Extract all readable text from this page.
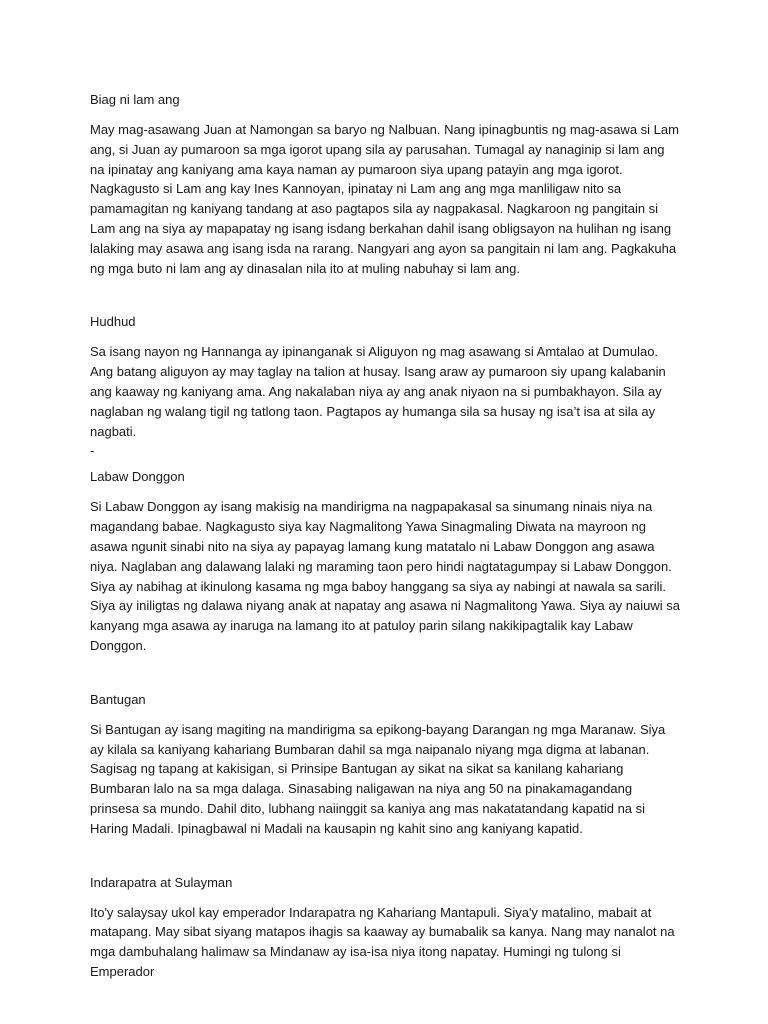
Biag ni lam ang

May mag-asawang Juan at Namongan sa baryo ng Nalbuan. Nang ipinagbuntis ng mag-asawa si Lam ang, si Juan ay pumaroon sa mga igorot upang sila ay parusahan. Tumagal ay nanaginip si lam ang na ipinatay ang kaniyang ama kaya naman ay pumaroon siya upang patayin ang mga igorot. Nagkagusto si Lam ang kay Ines Kannoyan, ipinatay ni Lam ang ang mga manliligaw nito sa pamamagitan ng kaniyang tandang at aso pagtapos sila ay nagpakasal. Nagkaroon ng pangitain si Lam ang na siya ay mapapatay ng isang isdang berkahan dahil isang obligsayon na hulihan ng isang lalaking may asawa ang isang isda na rarang. Nangyari ang ayon sa pangitain ni lam ang. Pagkakuha ng mga buto ni lam ang ay dinasalan nila ito at muling nabuhay si lam ang.

Hudhud

Sa isang nayon ng Hannanga ay ipinanganak si Aliguyon ng mag asawang si Amtalao at Dumulao. Ang batang aliguyon ay may taglay na talion at husay. Isang araw ay pumaroon siy upang kalabanin ang kaaway ng kaniyang ama. Ang nakalaban niya ay ang anak niyaon na si pumbakhayon. Sila ay naglaban ng walang tigil ng tatlong taon. Pagtapos ay humanga sila sa husay ng isa’t isa at sila ay nagbati.

-
Labaw Donggon

Si Labaw Donggon ay isang makisig na mandirigma na nagpapakasal sa sinumang ninais niya na magandang babae. Nagkagusto siya kay Nagmalitong Yawa Sinagmaling Diwata na mayroon ng asawa ngunit sinabi nito na siya ay papayag lamang kung matatalo ni Labaw Donggon ang asawa niya. Naglaban ang dalawang lalaki ng maraming taon pero hindi nagtatagumpay si Labaw Donggon. Siya ay nabihag at ikinulong kasama ng mga baboy hanggang sa siya ay nabingi at nawala sa sarili. Siya ay iniligtas ng dalawa niyang anak at napatay ang asawa ni Nagmalitong Yawa. Siya ay naiuwi sa kanyang mga asawa ay inaruga na lamang ito at patuloy parin silang nakikipagtalik kay Labaw Donggon.

Bantugan

Si Bantugan ay isang magiting na mandirigma sa epikong-bayang Darangan ng mga Maranaw. Siya ay kilala sa kaniyang kahariang Bumbaran dahil sa mga naipanalo niyang mga digma at labanan. Sagisag ng tapang at kakisigan, si Prinsipe Bantugan ay sikat na sikat sa kanilang kahariang Bumbaran lalo na sa mga dalaga. Sinasabing naligawan na niya ang 50 na pinakamagandang prinsesa sa mundo. Dahil dito, lubhang naiinggit sa kaniya ang mas nakatatandang kapatid na si Haring Madali. Ipinagbawal ni Madali na kausapin ng kahit sino ang kaniyang kapatid.

Indarapatra at Sulayman

Ito'y salaysay ukol kay emperador Indarapatra ng Kahariang Mantapuli. Siya'y matalino, mabait at matapang. May sibat siyang matapos ihagis sa kaaway ay bumabalik sa kanya. Nang may nanalot na mga dambuhalang halimaw sa Mindanaw ay isa-isa niya itong napatay. Humingi ng tulong si Emperador
